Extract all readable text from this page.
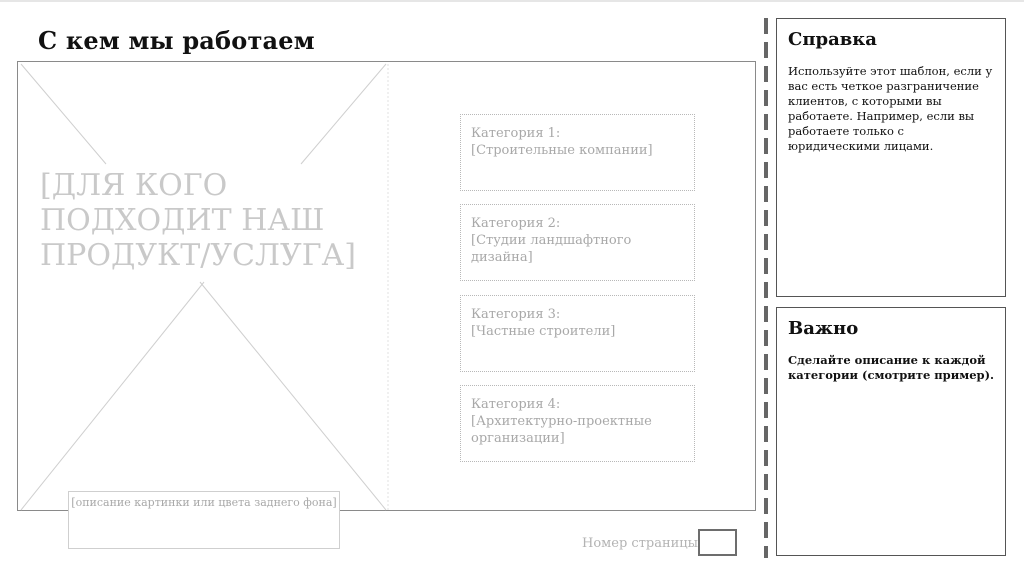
С кем мы работаем
[ДЛЯ КОГО ПОДХОДИТ НАШ ПРОДУКТ/УСЛУГА]
[описание картинки или цвета заднего фона]
Категория 1:
[Строительные компании]
Категория 2:
[Студии ландшафтного дизайна]
Категория 3:
[Частные строители]
Категория 4:
[Архитектурно-проектные организации]
Номер страницы
Справка

Используйте этот шаблон, если у вас есть четкое разграничение клиентов, с которыми вы работаете. Например, если вы работаете только с юридическими лицами.

Важно

Сделайте описание к каждой категории (смотрите пример).
